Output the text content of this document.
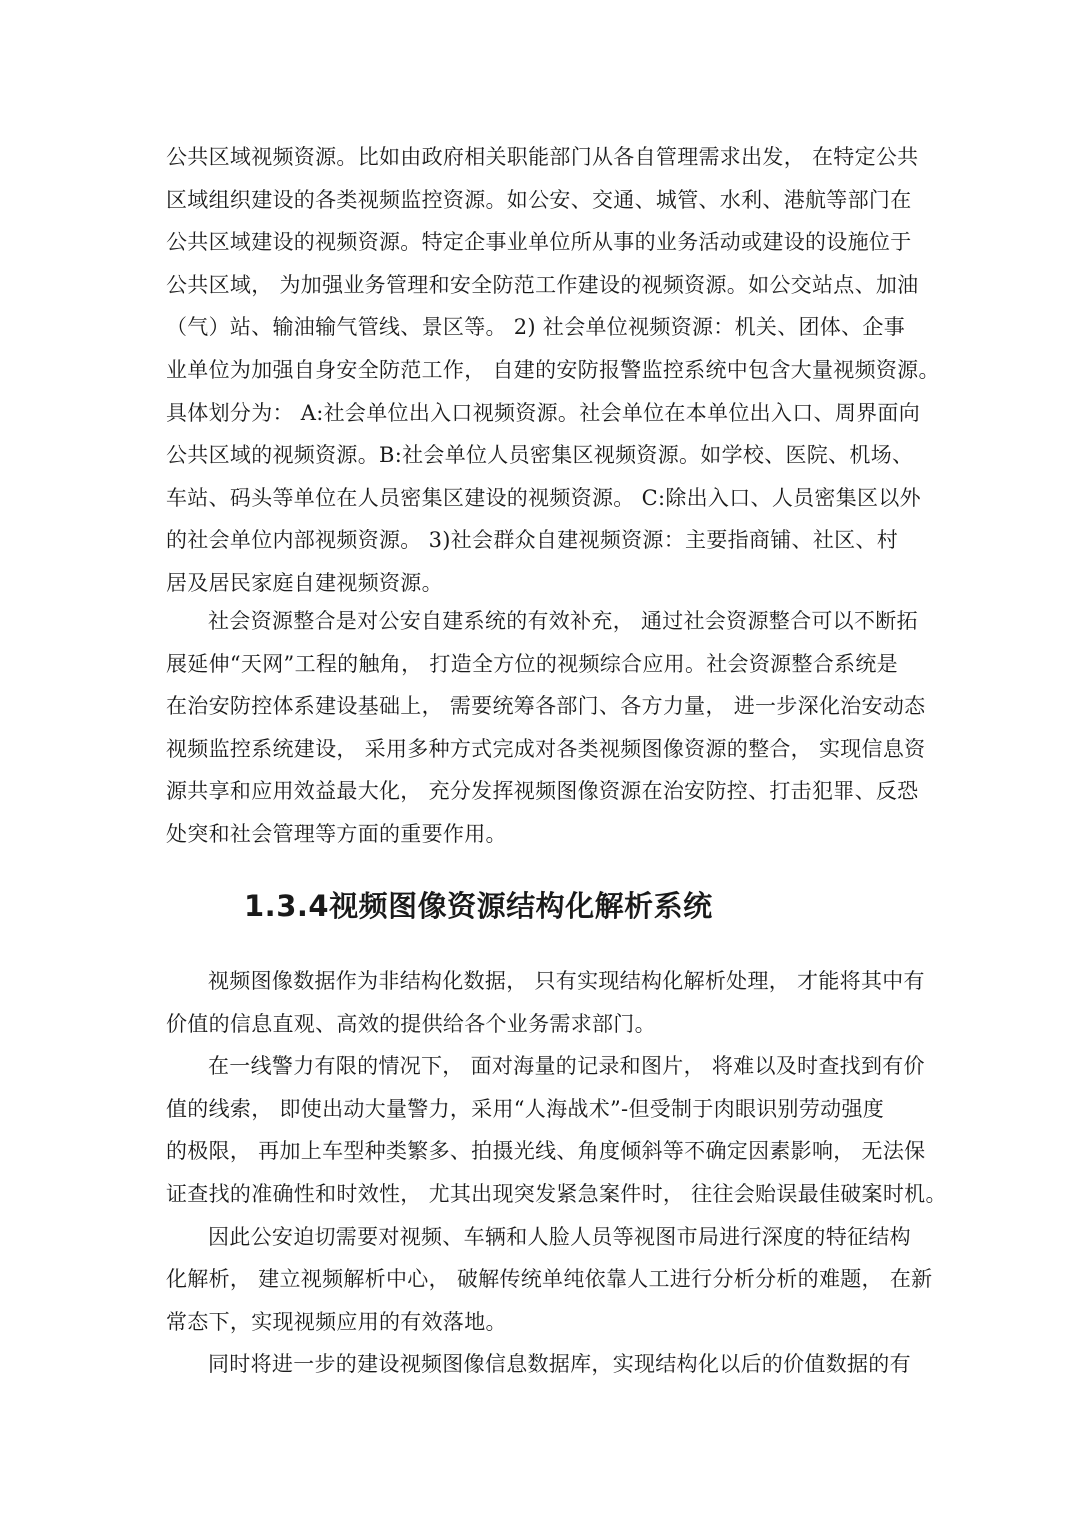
公共区域视频资源。比如由政府相关职能部门从各自管理需求出发， 在特定公共
区域组织建设的各类视频监控资源。如公安、交通、城管、水利、港航等部门在
公共区域建设的视频资源。特定企事业单位所从事的业务活动或建设的设施位于
公共区域， 为加强业务管理和安全防范工作建设的视频资源。如公交站点、加油
（气）站、输油输气管线、景区等。 2) 社会单位视频资源：机关、团体、企事
业单位为加强自身安全防范工作， 自建的安防报警监控系统中包含大量视频资源。
具体划分为： A:社会单位出入口视频资源。社会单位在本单位出入口、周界面向
公共区域的视频资源。B:社会单位人员密集区视频资源。如学校、医院、机场、
车站、码头等单位在人员密集区建设的视频资源。 C:除出入口、人员密集区以外
的社会单位内部视频资源。 3)社会群众自建视频资源：主要指商铺、社区、村
居及居民家庭自建视频资源。
社会资源整合是对公安自建系统的有效补充， 通过社会资源整合可以不断拓
展延伸“天网”工程的触角， 打造全方位的视频综合应用。社会资源整合系统是
在治安防控体系建设基础上， 需要统筹各部门、各方力量， 进一步深化治安动态
视频监控系统建设， 采用多种方式完成对各类视频图像资源的整合， 实现信息资
源共享和应用效益最大化， 充分发挥视频图像资源在治安防控、打击犯罪、反恐
处突和社会管理等方面的重要作用。
1.3.4视频图像资源结构化解析系统
视频图像数据作为非结构化数据， 只有实现结构化解析处理， 才能将其中有
价值的信息直观、高效的提供给各个业务需求部门。
在一线警力有限的情况下， 面对海量的记录和图片， 将难以及时查找到有价
值的线索， 即使出动大量警力，采用“人海战术”-但受制于肉眼识别劳动强度
的极限， 再加上车型种类繁多、拍摄光线、角度倾斜等不确定因素影响， 无法保
证查找的准确性和时效性， 尤其出现突发紧急案件时， 往往会贻误最佳破案时机。
因此公安迫切需要对视频、车辆和人脸人员等视图市局进行深度的特征结构
化解析， 建立视频解析中心， 破解传统单纯依靠人工进行分析分析的难题， 在新
常态下，实现视频应用的有效落地。
同时将进一步的建设视频图像信息数据库，实现结构化以后的价值数据的有
